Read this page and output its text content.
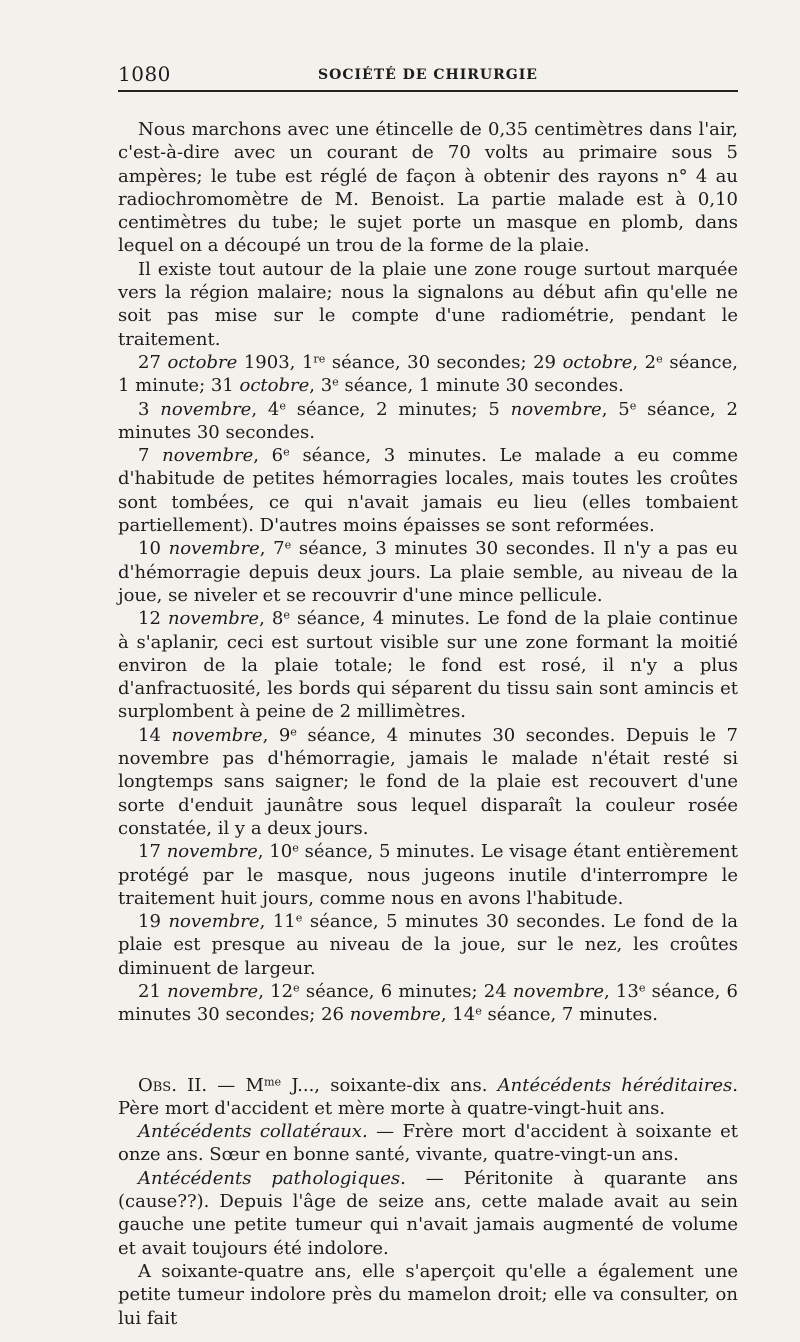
1080	SOCIÉTÉ DE CHIRURGIE

Nous marchons avec une étincelle de 0,35 centimètres dans l'air, c'est-à-dire avec un courant de 70 volts au primaire sous 5 ampères; le tube est réglé de façon à obtenir des rayons n° 4 au radiochromomètre de M. Benoist. La partie malade est à 0,10 centimètres du tube; le sujet porte un masque en plomb, dans lequel on a découpé un trou de la forme de la plaie.

Il existe tout autour de la plaie une zone rouge surtout marquée vers la région malaire; nous la signalons au début afin qu'elle ne soit pas mise sur le compte d'une radiométrie, pendant le traitement.

27 octobre 1903, 1re séance, 30 secondes; 29 octobre, 2e séance, 1 minute; 31 octobre, 3e séance, 1 minute 30 secondes.

3 novembre, 4e séance, 2 minutes; 5 novembre, 5e séance, 2 minutes 30 secondes.

7 novembre, 6e séance, 3 minutes. Le malade a eu comme d'habitude de petites hémorragies locales, mais toutes les croûtes sont tombées, ce qui n'avait jamais eu lieu (elles tombaient partiellement). D'autres moins épaisses se sont reformées.

10 novembre, 7e séance, 3 minutes 30 secondes. Il n'y a pas eu d'hémorragie depuis deux jours. La plaie semble, au niveau de la joue, se niveler et se recouvrir d'une mince pellicule.

12 novembre, 8e séance, 4 minutes. Le fond de la plaie continue à s'aplanir, ceci est surtout visible sur une zone formant la moitié environ de la plaie totale; le fond est rosé, il n'y a plus d'anfractuosité, les bords qui séparent du tissu sain sont amincis et surplombent à peine de 2 millimètres.

14 novembre, 9e séance, 4 minutes 30 secondes. Depuis le 7 novembre pas d'hémorragie, jamais le malade n'était resté si longtemps sans saigner; le fond de la plaie est recouvert d'une sorte d'enduit jaunâtre sous lequel disparaît la couleur rosée constatée, il y a deux jours.

17 novembre, 10e séance, 5 minutes. Le visage étant entièrement protégé par le masque, nous jugeons inutile d'interrompre le traitement huit jours, comme nous en avons l'habitude.

19 novembre, 11e séance, 5 minutes 30 secondes. Le fond de la plaie est presque au niveau de la joue, sur le nez, les croûtes diminuent de largeur.

21 novembre, 12e séance, 6 minutes; 24 novembre, 13e séance, 6 minutes 30 secondes; 26 novembre, 14e séance, 7 minutes.

Obs. II. — $M^{me}$ J..., soixante-dix ans. Antécédents héréditaires. Père mort d'accident et mère morte à quatre-vingt-huit ans.

Antécédents collatéraux. — Frère mort d'accident à soixante et onze ans. Sœur en bonne santé, vivante, quatre-vingt-un ans.

Antécédents pathologiques. — Péritonite à quarante ans (cause??). Depuis l'âge de seize ans, cette malade avait au sein gauche une petite tumeur qui n'avait jamais augmenté de volume et avait toujours été indolore.

A soixante-quatre ans, elle s'aperçoit qu'elle a également une petite tumeur indolore près du mamelon droit; elle va consulter, on lui fait
